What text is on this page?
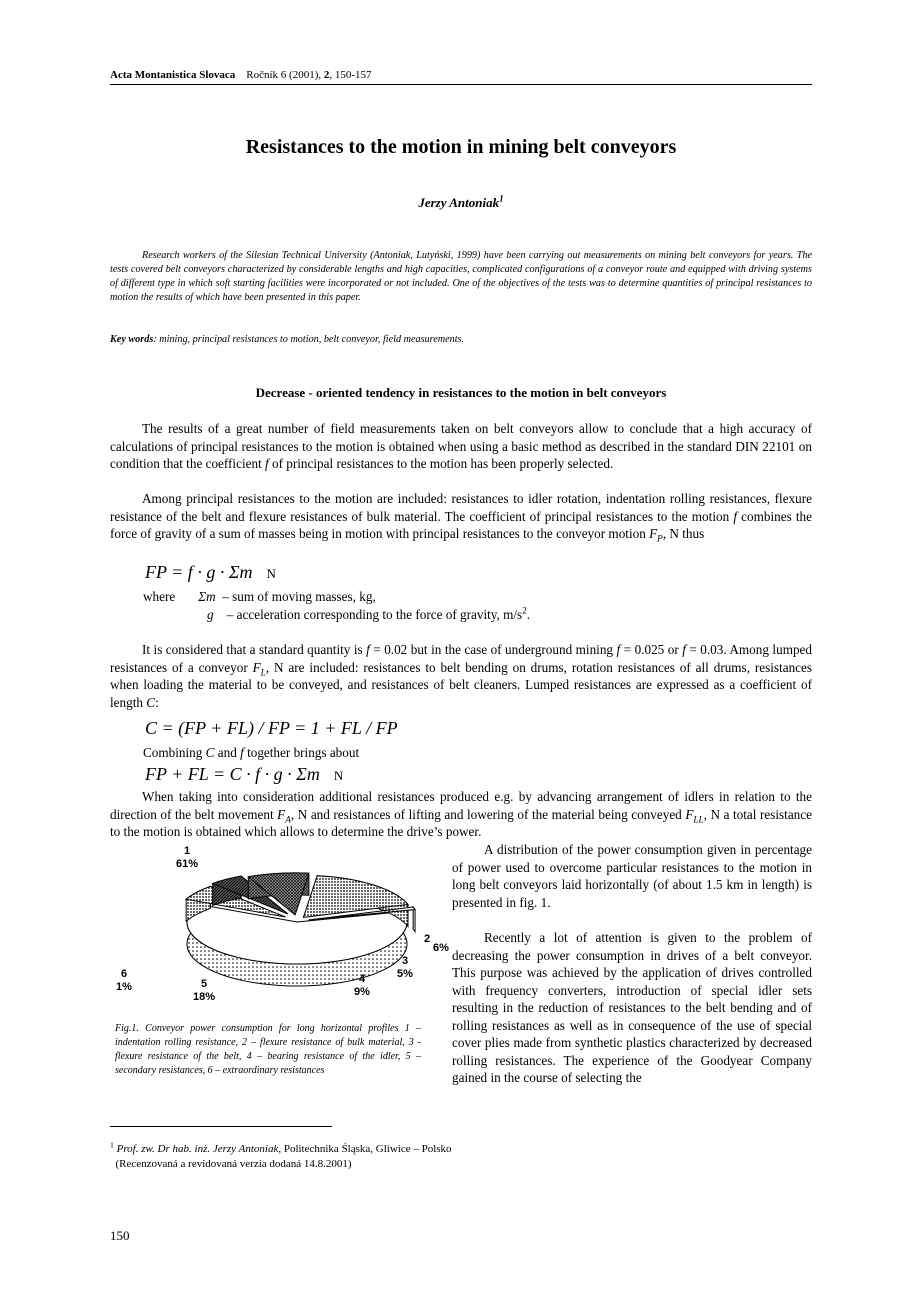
Acta Montanistica Slovaca Ročník 6 (2001), 2, 150-157
Resistances to the motion in mining belt conveyors
Jerzy Antoniak$^1$

Research workers of the Silesian Technical University (Antoniak, Lutyński, 1999) have been carrying out measurements on mining belt conveyors for years. The tests covered belt conveyors characterized by considerable lengths and high capacities, complicated configurations of a conveyor route and equipped with driving systems of different type in which soft starting facilities were incorporated or not included. One of the objectives of the tests was to determine quantities of principal resistances to motion the results of which have been presented in this paper.

Key words: mining, principal resistances to motion, belt conveyor, field measurements.
Decrease - oriented tendency in resistances to the motion in belt conveyors

The results of a great number of field measurements taken on belt conveyors allow to conclude that a high accuracy of calculations of principal resistances to the motion is obtained when using a basic method as described in the standard DIN 22101 on condition that the coefficient f of principal resistances to the motion has been properly selected.

Among principal resistances to the motion are included: resistances to idler rotation, indentation rolling resistances, flexure resistance of the belt and flexure resistances of bulk material. The coefficient of principal resistances to the motion f combines the force of gravity of a sum of masses being in motion with principal resistances to the conveyor motion $F_P$, N thus

FP = f · g · Σm N
where Σm – sum of moving masses, kg,
g – acceleration corresponding to the force of gravity, $m/s^2$.

It is considered that a standard quantity is f = 0.02 but in the case of underground mining f = 0.025 or f = 0.03. Among lumped resistances of a conveyor $F_L$, N are included: resistances to belt bending on drums, rotation resistances of all drums, resistances when loading the material to be conveyed, and resistances of belt cleaners. Lumped resistances are expressed as a coefficient of length C:

C = (FP + FL) / FP = 1 + FL / FP
Combining C and f together brings about
FP + FL = C · f · g · Σm N

When taking into consideration additional resistances produced e.g. by advancing arrangement of idlers in relation to the direction of the belt movement $F_A$, N and resistances of lifting and lowering of the material being conveyed $F_{LL}$, N a total resistance to the motion is obtained which allows to determine the drive’s power.

A distribution of the power consumption given in percentage of power used to overcome particular resistances to the motion in long belt conveyors laid horizontally (of about 1.5 km in length) is presented in fig. 1.

Recently a lot of attention is given to the problem of decreasing the power consumption in drives of a belt conveyor. This purpose was achieved by the application of drives controlled with frequency converters, introduction of special idler sets resulting in the reduction of resistances to the belt bending and of rolling resistances as well as in consequence of the use of special cover plies made from synthetic plastics characterized by decreased rolling resistances. The experience of the Goodyear Company gained in the course of selecting the

1
61%
2
6%
3
5%
4
9%
5
18%
6
1%

Fig.1. Conveyor power consumption for long horizontal profiles 1 – indentation rolling resistance, 2 – flexure resistance of bulk material, 3 - flexure resistance of the belt, 4 – bearing resistance of the idler, 5 – secondary resistances, 6 – extraordinary resistances

$^1$ Prof. zw. Dr hab. inż. Jerzy Antoniak, Politechnika Śląska, Gliwice – Polsko
(Recenzovaná a revidovaná verzia dodaná 14.8.2001)
150
